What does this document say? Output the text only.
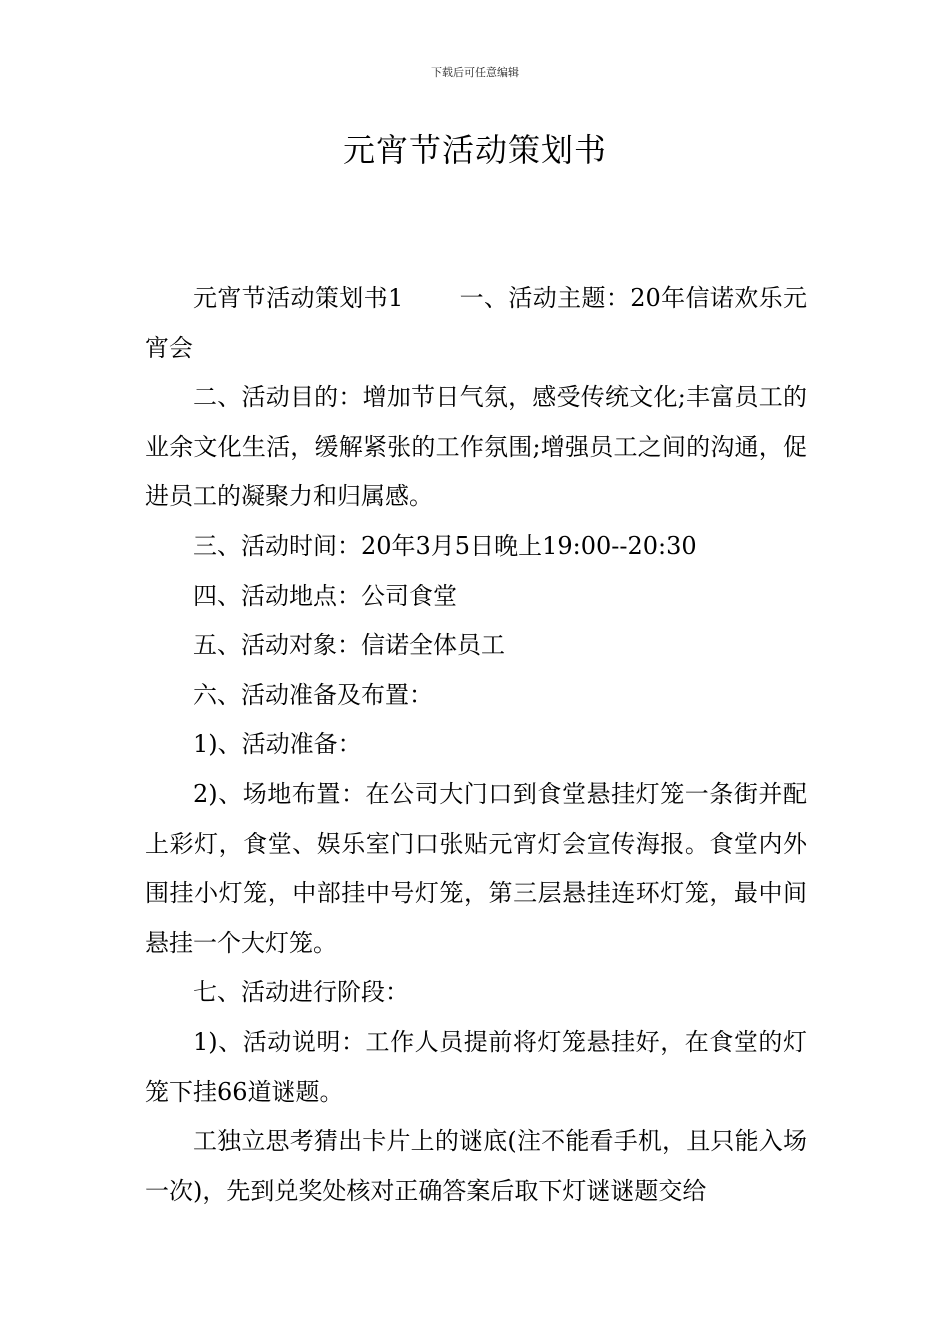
下载后可任意编辑
元宵节活动策划书

元宵节活动策划书1 一、活动主题：20年信诺欢乐元宵会

二、活动目的：增加节日气氛，感受传统文化;丰富员工的业余文化生活，缓解紧张的工作氛围;增强员工之间的沟通，促进员工的凝聚力和归属感。

三、活动时间：20年3月5日晚上19:00--20:30

四、活动地点：公司食堂

五、活动对象：信诺全体员工

六、活动准备及布置：

1)、活动准备：

2)、场地布置：在公司大门口到食堂悬挂灯笼一条街并配上彩灯，食堂、娱乐室门口张贴元宵灯会宣传海报。食堂内外围挂小灯笼，中部挂中号灯笼，第三层悬挂连环灯笼，最中间悬挂一个大灯笼。

七、活动进行阶段：

1)、活动说明：工作人员提前将灯笼悬挂好，在食堂的灯笼下挂66道谜题。

工独立思考猜出卡片上的谜底(注不能看手机，且只能入场一次)，先到兑奖处核对正确答案后取下灯谜谜题交给
